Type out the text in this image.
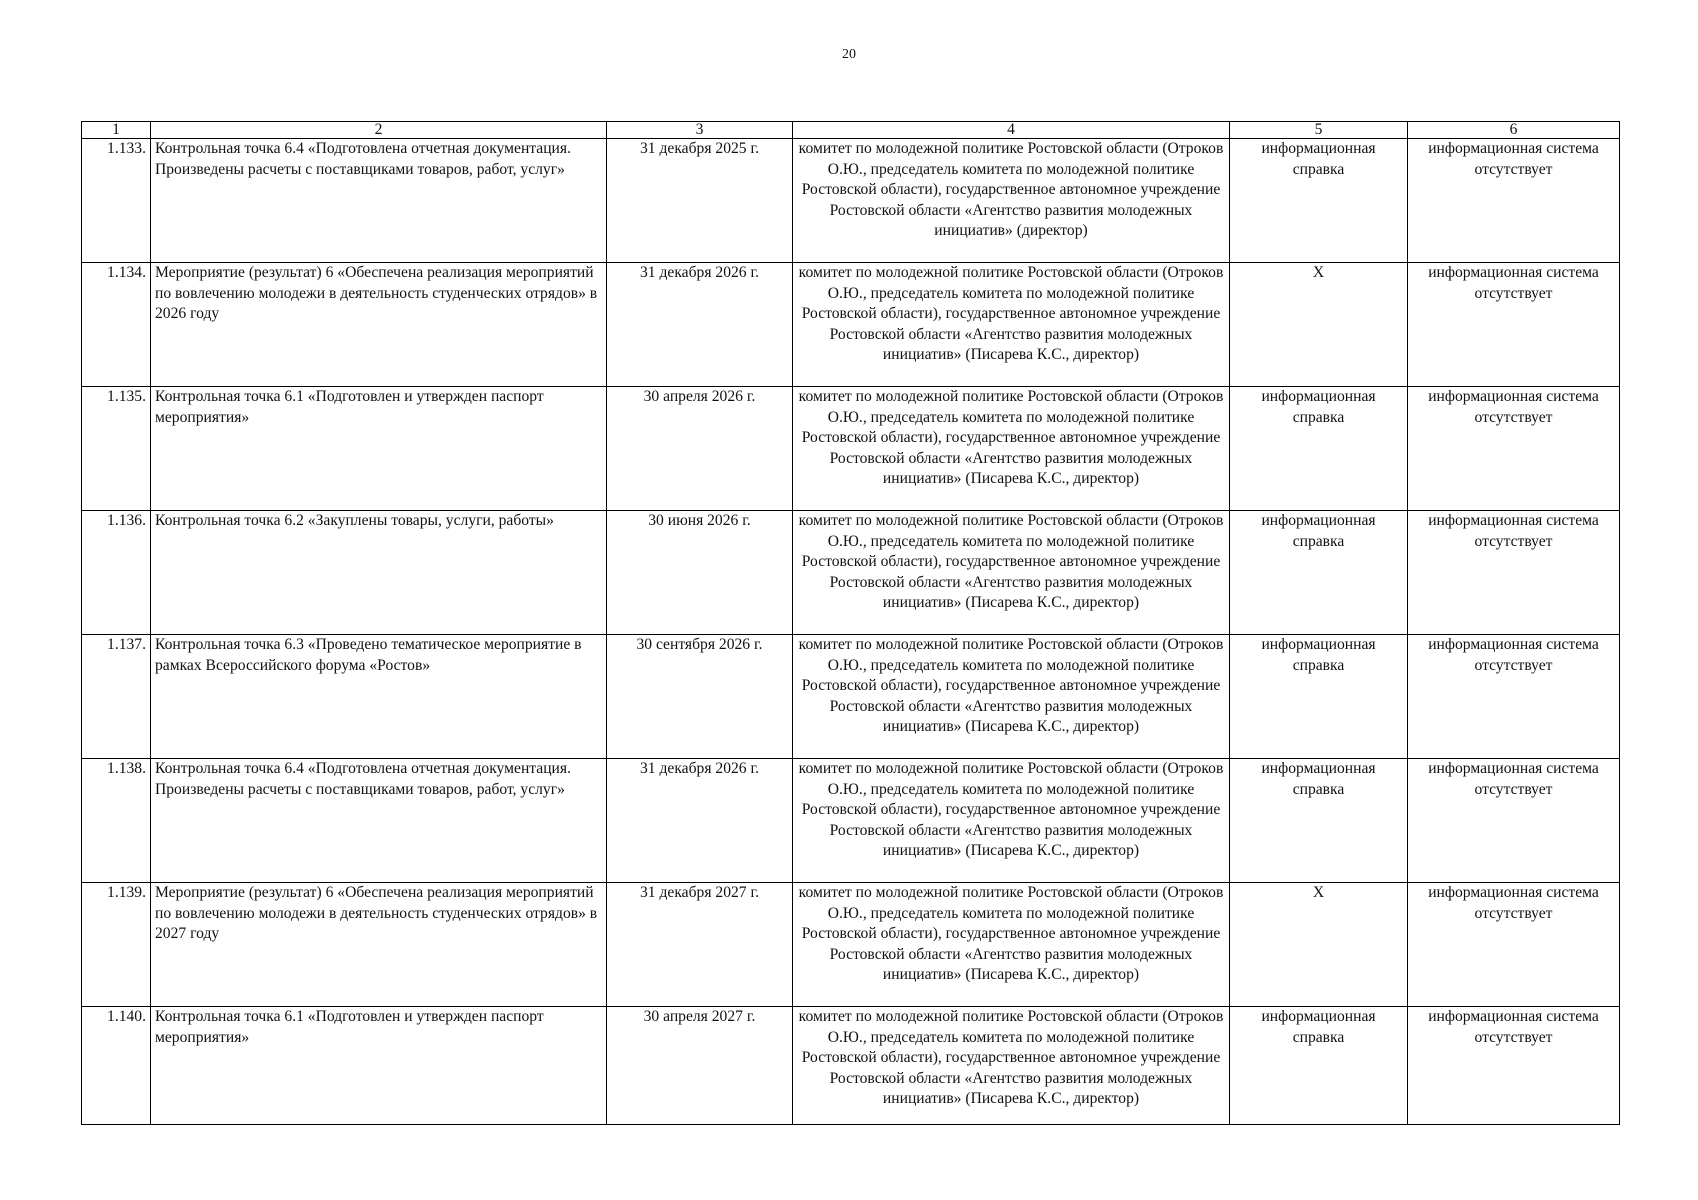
20
1	2	3	4	5	6
1.133.	Контрольная точка 6.4 «Подготовлена отчетная документация. Произведены расчеты с поставщиками товаров, работ, услуг»	31 декабря 2025 г.	комитет по молодежной политике Ростовской области (Отроков О.Ю., председатель комитета по молодежной политике Ростовской области), государственное автономное учреждение Ростовской области «Агентство развития молодежных инициатив» (директор)	информационная справка	информационная система отсутствует
1.134.	Мероприятие (результат) 6 «Обеспечена реализация мероприятий по вовлечению молодежи в деятельность студенческих отрядов» в 2026 году	31 декабря 2026 г.	комитет по молодежной политике Ростовской области (Отроков О.Ю., председатель комитета по молодежной политике Ростовской области), государственное автономное учреждение Ростовской области «Агентство развития молодежных инициатив» (Писарева К.С., директор)	Х	информационная система отсутствует
1.135.	Контрольная точка 6.1 «Подготовлен и утвержден паспорт мероприятия»	30 апреля 2026 г.	комитет по молодежной политике Ростовской области (Отроков О.Ю., председатель комитета по молодежной политике Ростовской области), государственное автономное учреждение Ростовской области «Агентство развития молодежных инициатив» (Писарева К.С., директор)	информационная справка	информационная система отсутствует
1.136.	Контрольная точка 6.2 «Закуплены товары, услуги, работы»	30 июня 2026 г.	комитет по молодежной политике Ростовской области (Отроков О.Ю., председатель комитета по молодежной политике Ростовской области), государственное автономное учреждение Ростовской области «Агентство развития молодежных инициатив» (Писарева К.С., директор)	информационная справка	информационная система отсутствует
1.137.	Контрольная точка 6.3 «Проведено тематическое мероприятие в рамках Всероссийского форума «Ростов»	30 сентября 2026 г.	комитет по молодежной политике Ростовской области (Отроков О.Ю., председатель комитета по молодежной политике Ростовской области), государственное автономное учреждение Ростовской области «Агентство развития молодежных инициатив» (Писарева К.С., директор)	информационная справка	информационная система отсутствует
1.138.	Контрольная точка 6.4 «Подготовлена отчетная документация. Произведены расчеты с поставщиками товаров, работ, услуг»	31 декабря 2026 г.	комитет по молодежной политике Ростовской области (Отроков О.Ю., председатель комитета по молодежной политике Ростовской области), государственное автономное учреждение Ростовской области «Агентство развития молодежных инициатив» (Писарева К.С., директор)	информационная справка	информационная система отсутствует
1.139.	Мероприятие (результат) 6 «Обеспечена реализация мероприятий по вовлечению молодежи в деятельность студенческих отрядов» в 2027 году	31 декабря 2027 г.	комитет по молодежной политике Ростовской области (Отроков О.Ю., председатель комитета по молодежной политике Ростовской области), государственное автономное учреждение Ростовской области «Агентство развития молодежных инициатив» (Писарева К.С., директор)	Х	информационная система отсутствует
1.140.	Контрольная точка 6.1 «Подготовлен и утвержден паспорт мероприятия»	30 апреля 2027 г.	комитет по молодежной политике Ростовской области (Отроков О.Ю., председатель комитета по молодежной политике Ростовской области), государственное автономное учреждение Ростовской области «Агентство развития молодежных инициатив» (Писарева К.С., директор)	информационная справка	информационная система отсутствует
